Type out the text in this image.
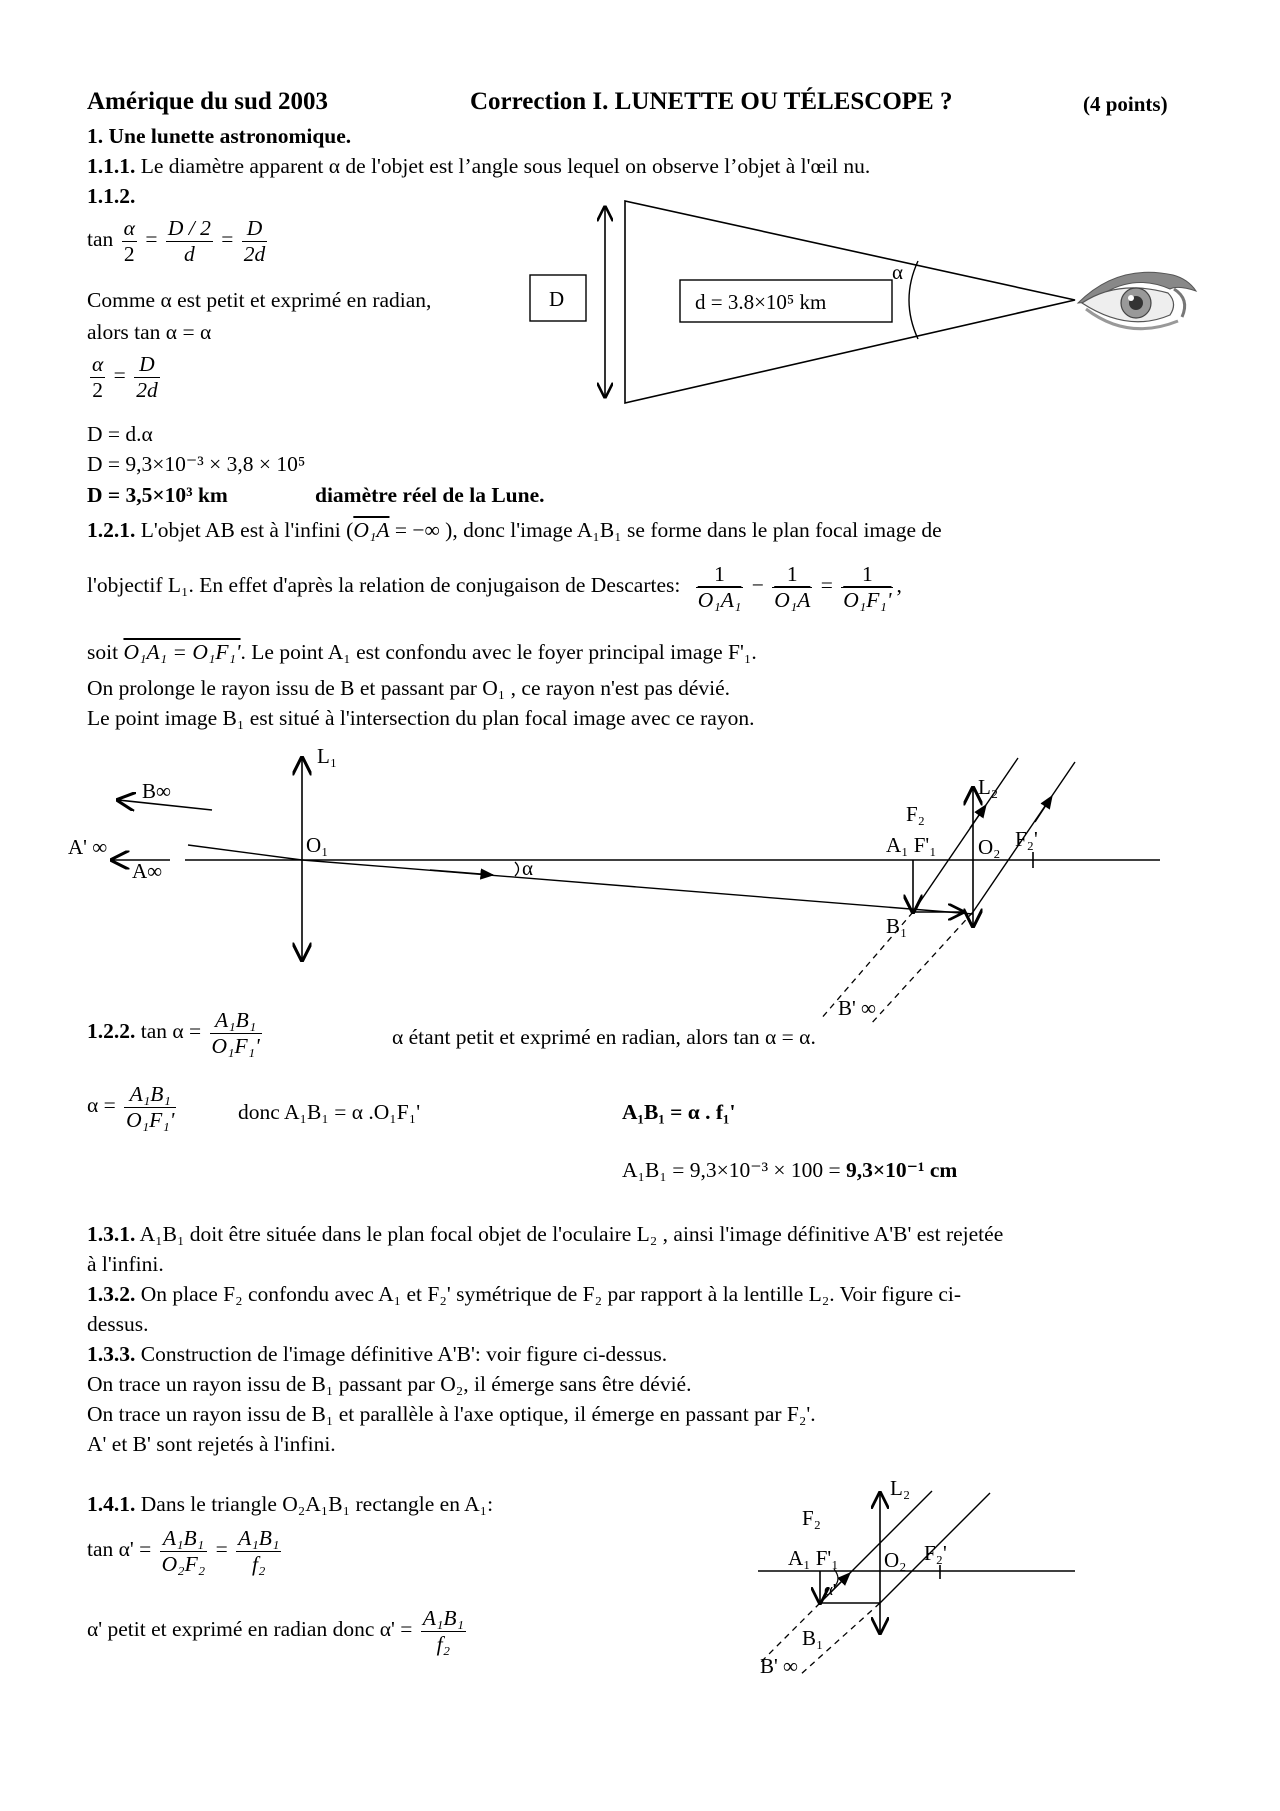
Amérique du sud 2003	Correction I. LUNETTE OU TÉLESCOPE ?	(4 points)
1. Une lunette astronomique.
1.1.1. Le diamètre apparent α de l'objet est l’angle sous lequel on observe l’objet à l'œil nu.
1.1.2.
$\tan \frac{\alpha}{2} = \frac{D / 2}{d} = \frac{D}{2d}$
Comme α est petit et exprimé en radian,
alors tan α = α
$\frac{\alpha}{2} = \frac{D}{2d}$
D = d.α
D = 9,3×10⁻³ × 3,8 × 10⁵
D = 3,5×10³ km	diamètre réel de la Lune.
D	d = 3.8×10⁵ km
α
1.2.1. L'objet AB est à l'infini (O₁A = −∞ ), donc l'image A₁B₁ se forme dans le plan focal image de
l'objectif L₁. En effet d'après la relation de conjugaison de Descartes: $\frac{1}{\text{O₁A₁}} - \frac{1}{\text{O₁A}} = \frac{1}{\text{O₁F₁'}}$ ,
soit O₁A₁ = O₁F₁'. Le point A₁ est confondu avec le foyer principal image F'₁.
On prolonge le rayon issu de B et passant par O₁ , ce rayon n'est pas dévié.
Le point image B₁ est situé à l'intersection du plan focal image avec ce rayon.
L₁
B∞
A' ∞
A∞
O₁
α
L₂
F₂
A₁ F'₁ O₂ F₂'
B₁
B' ∞
1.2.2. $\tan \alpha = \frac{\text{A₁B₁}}{\text{O₁F₁'}}$	α étant petit et exprimé en radian, alors tan α = α.
$\alpha = \frac{\text{A₁B₁}}{\text{O₁F₁'}}$	donc A₁B₁ = α .O₁F₁'	A₁B₁ = α . f₁'
A₁B₁ = 9,3×10⁻³ × 100 = 9,3×10⁻¹ cm
1.3.1. A₁B₁ doit être située dans le plan focal objet de l'oculaire L₂ , ainsi l'image définitive A'B' est rejetée
à l'infini.
1.3.2. On place F₂ confondu avec A₁ et F₂' symétrique de F₂ par rapport à la lentille L₂. Voir figure ci-
dessus.
1.3.3. Construction de l'image définitive A'B': voir figure ci-dessus.
On trace un rayon issu de B₁ passant par O₂, il émerge sans être dévié.
On trace un rayon issu de B₁ et parallèle à l'axe optique, il émerge en passant par F₂'.
A' et B' sont rejetés à l'infini.
1.4.1. Dans le triangle O₂A₁B₁ rectangle en A₁:
$\tan \alpha' = \frac{\text{A₁B₁}}{\text{O₂F₂}} = \frac{\text{A₁B₁}}{\text{f₂}}$
α' petit et exprimé en radian donc $\alpha' = \frac{\text{A₁B₁}}{\text{f₂}}$
L₂
F₂
A₁ F'₁ O₂ F₂'
α'
B₁
B' ∞
